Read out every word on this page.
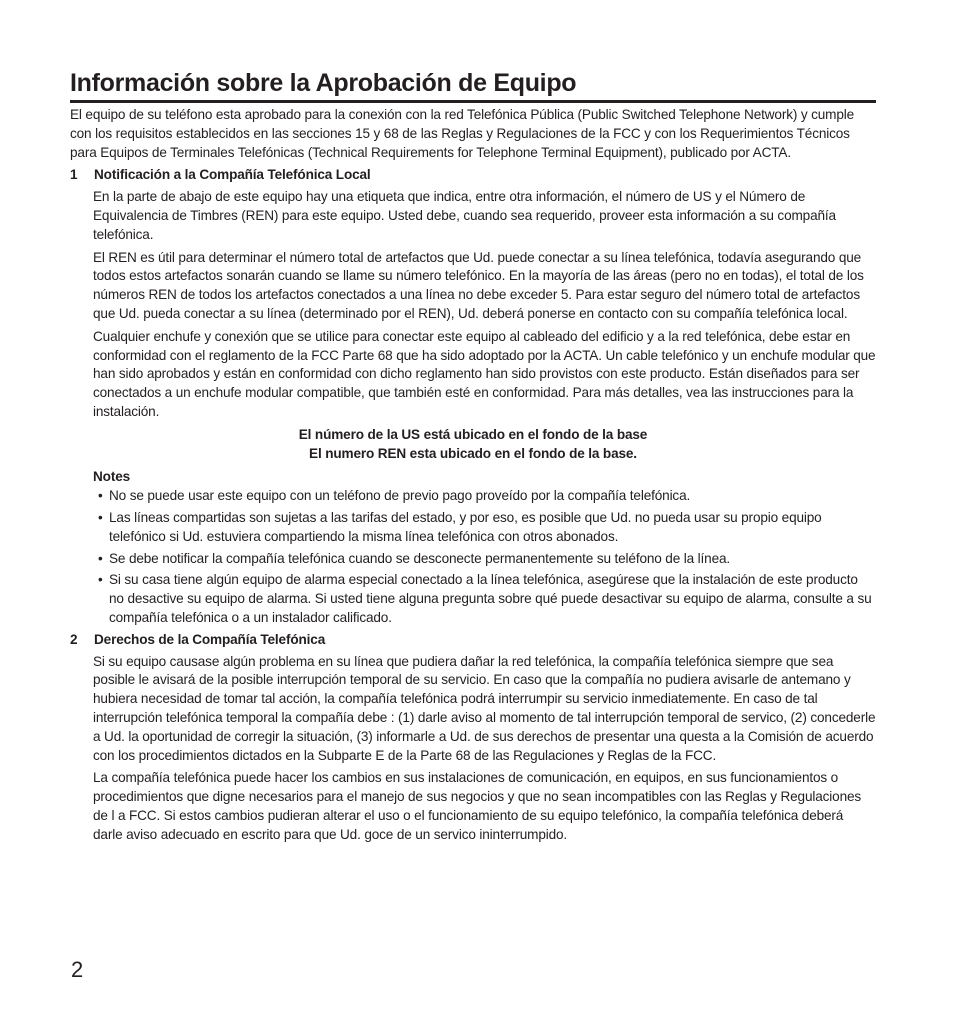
Información sobre la Aprobación de Equipo

El equipo de su teléfono esta aprobado para la conexión con la red Telefónica Pública (Public Switched Telephone Network) y cumple con los requisitos establecidos en las secciones 15 y 68 de las Reglas y Regulaciones de la FCC y con los Requerimientos Técnicos para Equipos de Terminales Telefónicas (Technical Requirements for Telephone Terminal Equipment), publicado por ACTA.

1	Notificación a la Compañía Telefónica Local

En la parte de abajo de este equipo hay una etiqueta que indica, entre otra información, el número de US y el Número de Equivalencia de Timbres (REN) para este equipo. Usted debe, cuando sea requerido, proveer esta información a su compañía telefónica.

El REN es útil para determinar el número total de artefactos que Ud. puede conectar a su línea telefónica, todavía asegurando que todos estos artefactos sonarán cuando se llame su número telefónico. En la mayoría de las áreas (pero no en todas), el total de los números REN de todos los artefactos conectados a una línea no debe exceder 5. Para estar seguro del número total de artefactos que Ud. pueda conectar a su línea (determinado por el REN), Ud. deberá ponerse en contacto con su compañía telefónica local.

Cualquier enchufe y conexión que se utilice para conectar este equipo al cableado del edificio y a la red telefónica, debe estar en conformidad con el reglamento de la FCC Parte 68 que ha sido adoptado por la ACTA. Un cable telefónico y un enchufe modular que han sido aprobados y están en conformidad con dicho reglamento han sido provistos con este producto. Están diseñados para ser conectados a un enchufe modular compatible, que también esté en conformidad. Para más detalles, vea las instrucciones para la instalación.

El número de la US está ubicado en el fondo de la base

El numero REN esta ubicado en el fondo de la base.

Notes

• No se puede usar este equipo con un teléfono de previo pago proveído por la compañía telefónica.
• Las líneas compartidas son sujetas a las tarifas del estado, y por eso, es posible que Ud. no pueda usar su propio equipo telefónico si Ud. estuviera compartiendo la misma línea telefónica con otros abonados.
• Se debe notificar la compañía telefónica cuando se desconecte permanentemente su teléfono de la línea.
• Si su casa tiene algún equipo de alarma especial conectado a la línea telefónica, asegúrese que la instalación de este producto no desactive su equipo de alarma. Si usted tiene alguna pregunta sobre qué puede desactivar su equipo de alarma, consulte a su compañía telefónica o a un instalador calificado.
2	Derechos de la Compañía Telefónica

Si su equipo causase algún problema en su línea que pudiera dañar la red telefónica, la compañía telefónica siempre que sea posible le avisará de la posible interrupción temporal de su servicio. En caso que la compañía no pudiera avisarle de antemano y hubiera necesidad de tomar tal acción, la compañía telefónica podrá interrumpir su servicio inmediatemente. En caso de tal interrupción telefónica temporal la compañía debe : (1) darle aviso al momento de tal interrupción temporal de servico, (2) concederle a Ud. la oportunidad de corregir la situación, (3) informarle a Ud. de sus derechos de presentar una questa a la Comisión de acuerdo con los procedimientos dictados en la Subparte E de la Parte 68 de las Regulaciones y Reglas de la FCC.

La compañía telefónica puede hacer los cambios en sus instalaciones de comunicación, en equipos, en sus funcionamientos o procedimientos que digne necesarios para el manejo de sus negocios y que no sean incompatibles con las Reglas y Regulaciones de l a FCC. Si estos cambios pudieran alterar el uso o el funcionamiento de su equipo telefónico, la compañía telefónica deberá darle aviso adecuado en escrito para que Ud. goce de un servico ininterrumpido.

2
